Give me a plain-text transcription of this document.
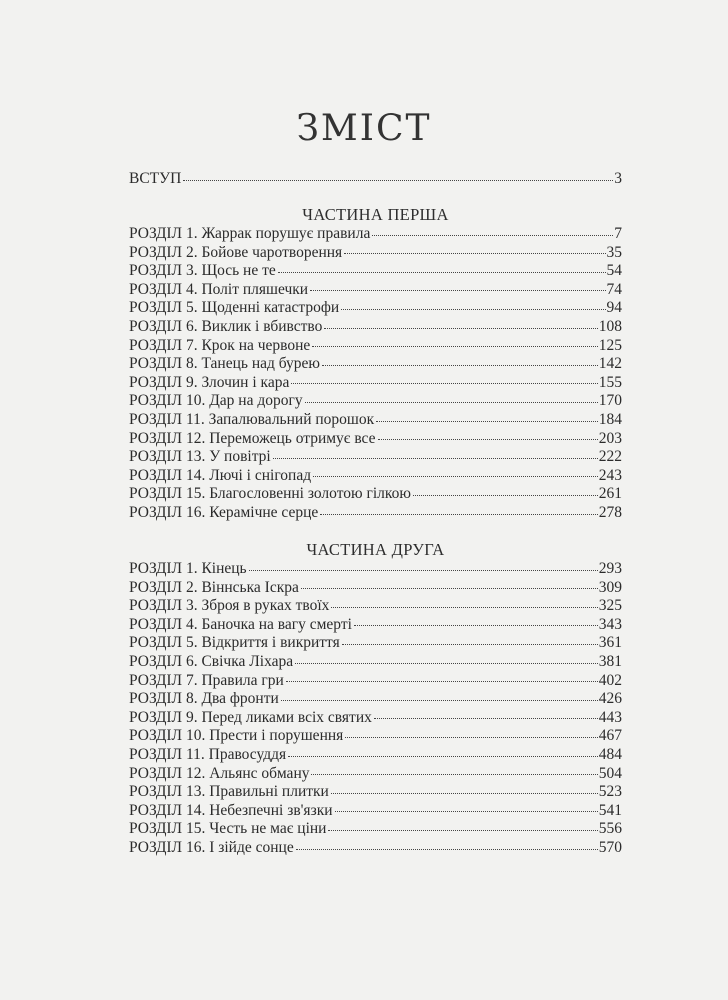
ЗМІСТ
ВСТУП	3
ЧАСТИНА ПЕРША
РОЗДІЛ 1. Жаррак порушує правила	7
РОЗДІЛ 2. Бойове чаротворення	35
РОЗДІЛ 3. Щось не те	54
РОЗДІЛ 4. Політ пляшечки	74
РОЗДІЛ 5. Щоденні катастрофи	94
РОЗДІЛ 6. Виклик і вбивство	108
РОЗДІЛ 7. Крок на червоне	125
РОЗДІЛ 8. Танець над бурею	142
РОЗДІЛ 9. Злочин і кара	155
РОЗДІЛ 10. Дар на дорогу	170
РОЗДІЛ 11. Запалювальний порошок	184
РОЗДІЛ 12. Переможець отримує все	203
РОЗДІЛ 13. У повітрі	222
РОЗДІЛ 14. Лючі і снігопад	243
РОЗДІЛ 15. Благословенні золотою гілкою	261
РОЗДІЛ 16. Керамічне серце	278
ЧАСТИНА ДРУГА
РОЗДІЛ 1. Кінець	293
РОЗДІЛ 2. Віннська Іскра	309
РОЗДІЛ 3. Зброя в руках твоїх	325
РОЗДІЛ 4. Баночка на вагу смерті	343
РОЗДІЛ 5. Відкриття і викриття	361
РОЗДІЛ 6. Свічка Ліхара	381
РОЗДІЛ 7. Правила гри	402
РОЗДІЛ 8. Два фронти	426
РОЗДІЛ 9. Перед ликами всіх святих	443
РОЗДІЛ 10. Прести і порушення	467
РОЗДІЛ 11. Правосуддя	484
РОЗДІЛ 12. Альянс обману	504
РОЗДІЛ 13. Правильні плитки	523
РОЗДІЛ 14. Небезпечні зв'язки	541
РОЗДІЛ 15. Честь не має ціни	556
РОЗДІЛ 16. І зійде сонце	570
